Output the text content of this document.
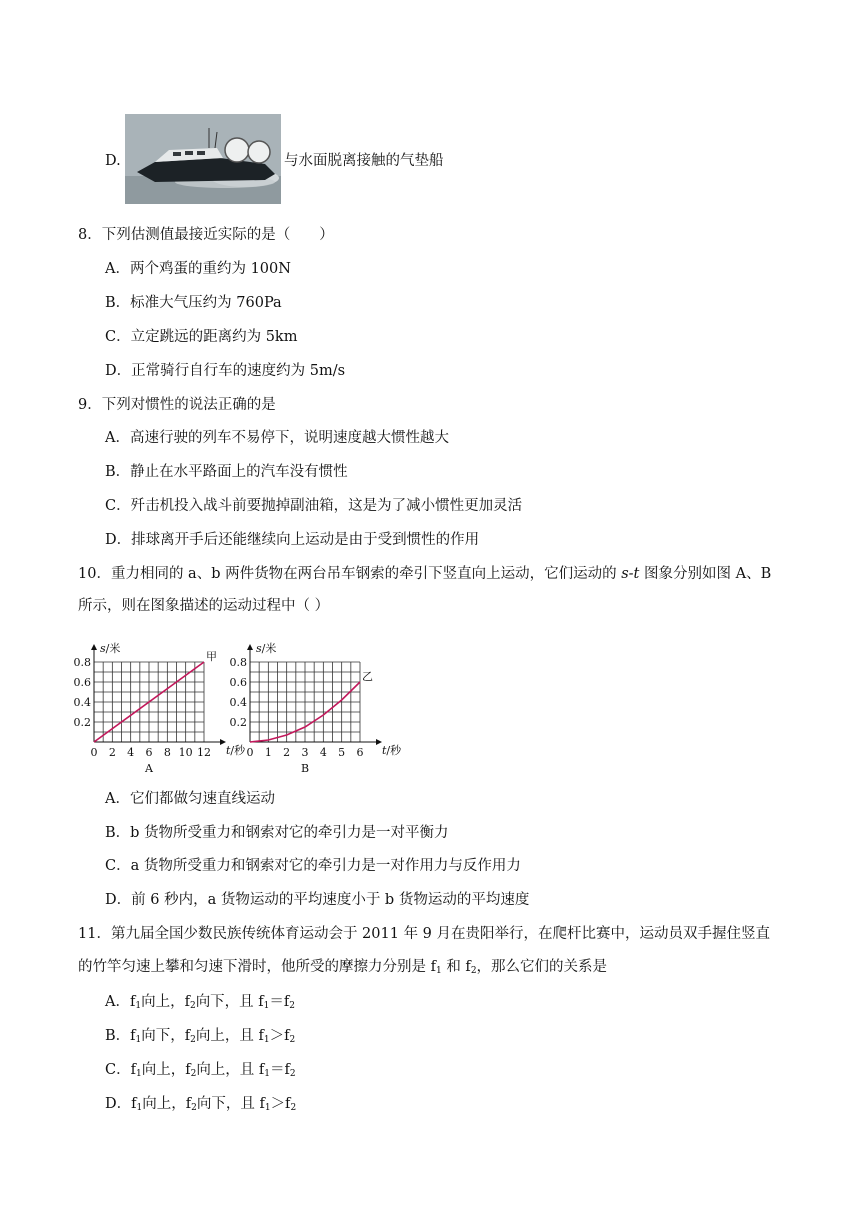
D.	与水面脱离接触的气垫船
8．下列估测值最接近实际的是（　　）
A．两个鸡蛋的重约为 100N
B．标准大气压约为 760Pa
C．立定跳远的距离约为 5km
D．正常骑行自行车的速度约为 5m/s
9．下列对惯性的说法正确的是
A．高速行驶的列车不易停下，说明速度越大惯性越大
B．静止在水平路面上的汽车没有惯性
C．歼击机投入战斗前要抛掉副油箱，这是为了减小惯性更加灵活
D．排球离开手后还能继续向上运动是由于受到惯性的作用
10．重力相同的 a、b 两件货物在两台吊车钢索的牵引下竖直向上运动，它们运动的 s-t 图象分别如图 A、B
所示，则在图象描述的运动过程中（ ）
s/米
t/秒
0.2
0.4
0.6
0.8
0 2 4 6 8 10 12
甲
A
s/米
t/秒
0.2
0.4
0.6
0.8
0 1 2 3 4 5 6
乙
B
A．它们都做匀速直线运动
B．b 货物所受重力和钢索对它的牵引力是一对平衡力
C．a 货物所受重力和钢索对它的牵引力是一对作用力与反作用力
D．前 6 秒内，a 货物运动的平均速度小于 b 货物运动的平均速度
11．第九届全国少数民族传统体育运动会于 2011 年 9 月在贵阳举行，在爬杆比赛中，运动员双手握住竖直
的竹竿匀速上攀和匀速下滑时，他所受的摩擦力分别是 $f_1$ 和 $f_2$，那么它们的关系是
A．$f_1$向上，$f_2$向下，且 $f_1=f_2$
B．$f_1$向下，$f_2$向上，且 $f_1>f_2$
C．$f_1$向上，$f_2$向上，且 $f_1=f_2$
D．$f_1$向上，$f_2$向下，且 $f_1>f_2$
